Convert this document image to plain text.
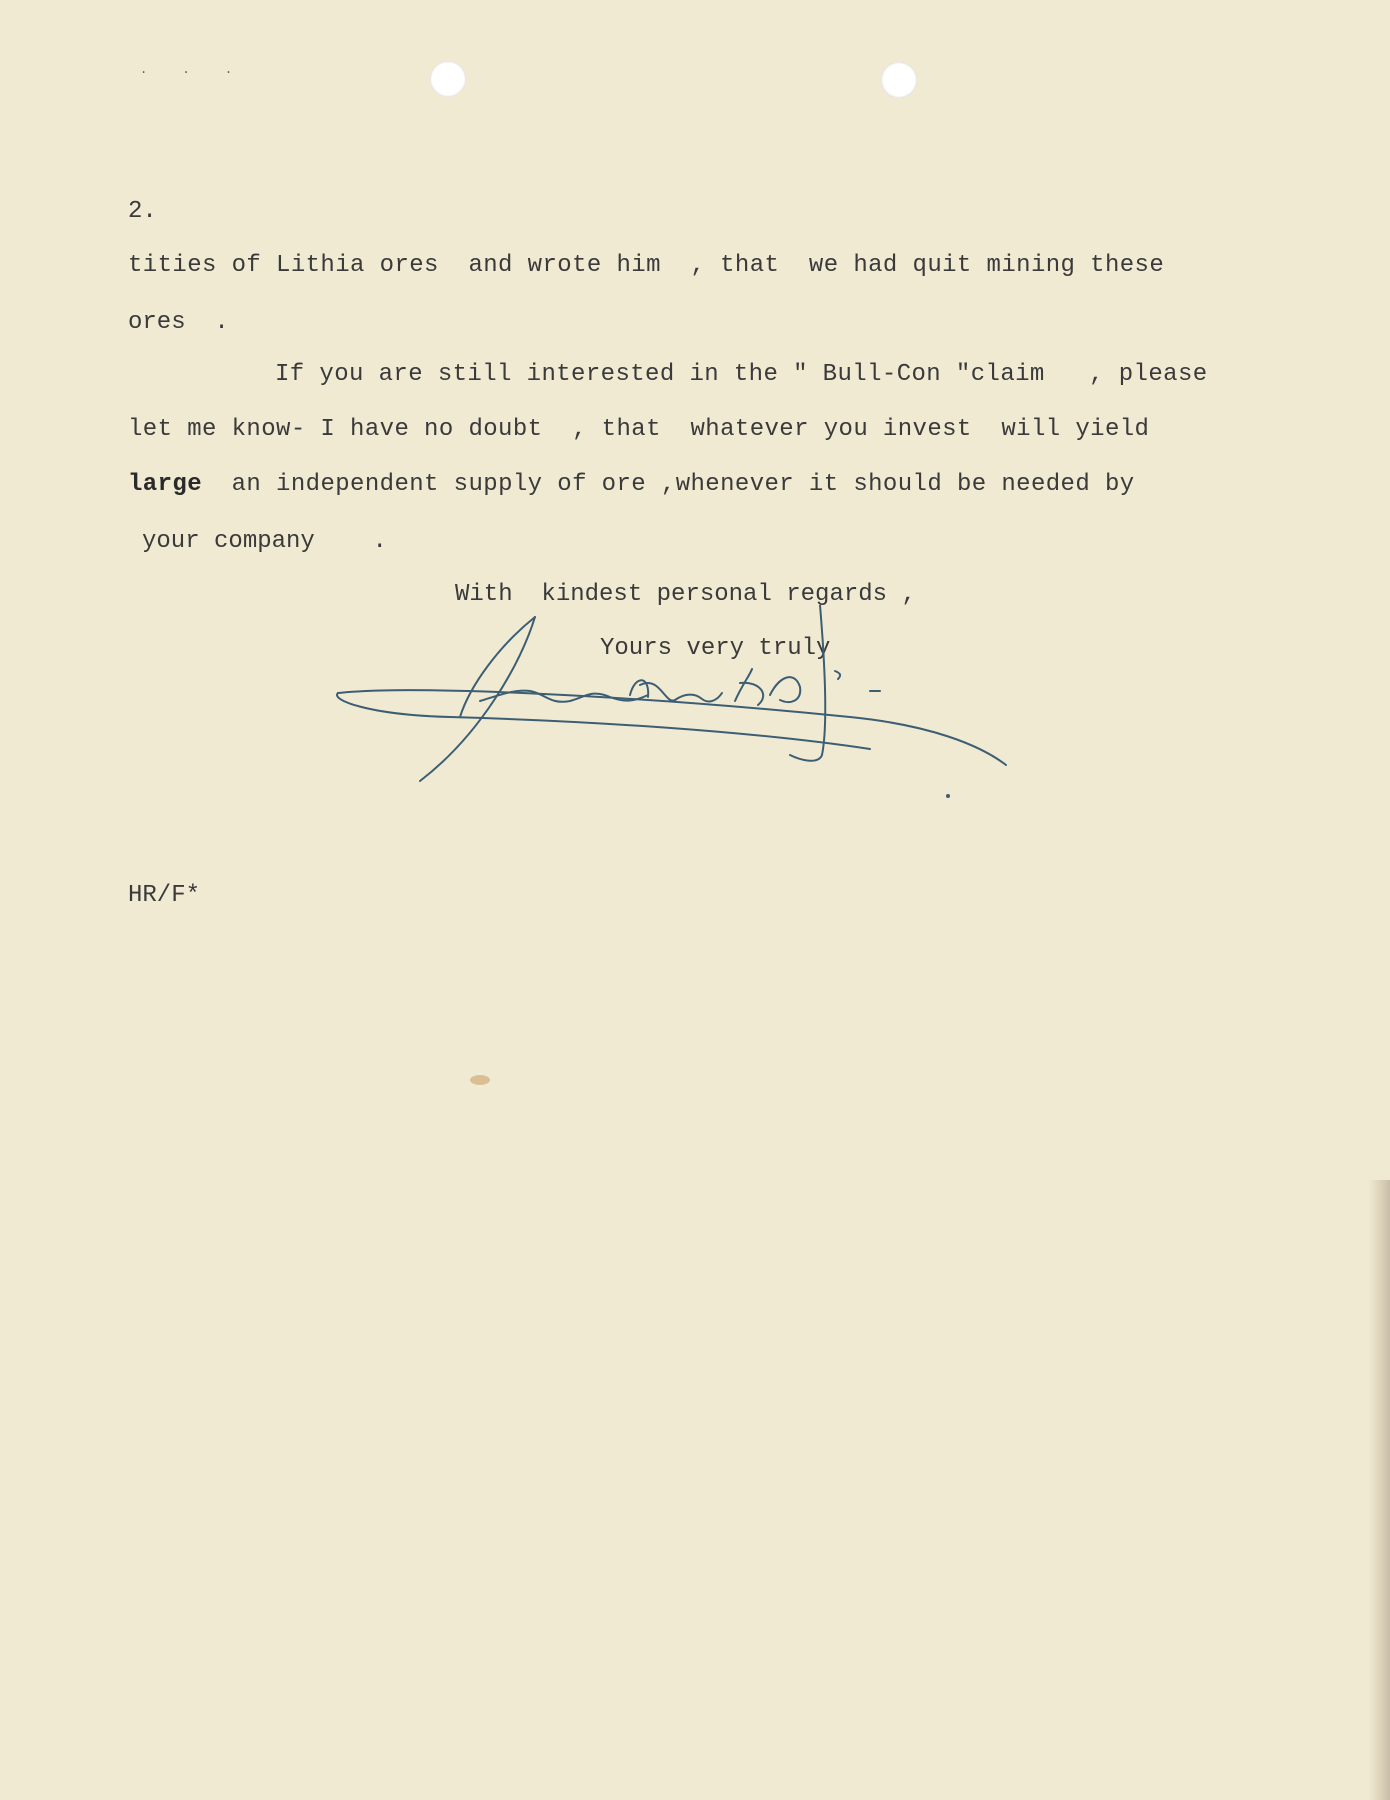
. . .
2.
tities of Lithia ores  and wrote him  , that  we had quit mining these
ores  .
If you are still interested in the " Bull-Con "claim   , please
let me know- I have no doubt  , that  whatever you invest  will yield
large an independent supply of ore ,whenever it should be needed by
your company    .
With  kindest personal regards ,
Yours very truly
HR/F*
